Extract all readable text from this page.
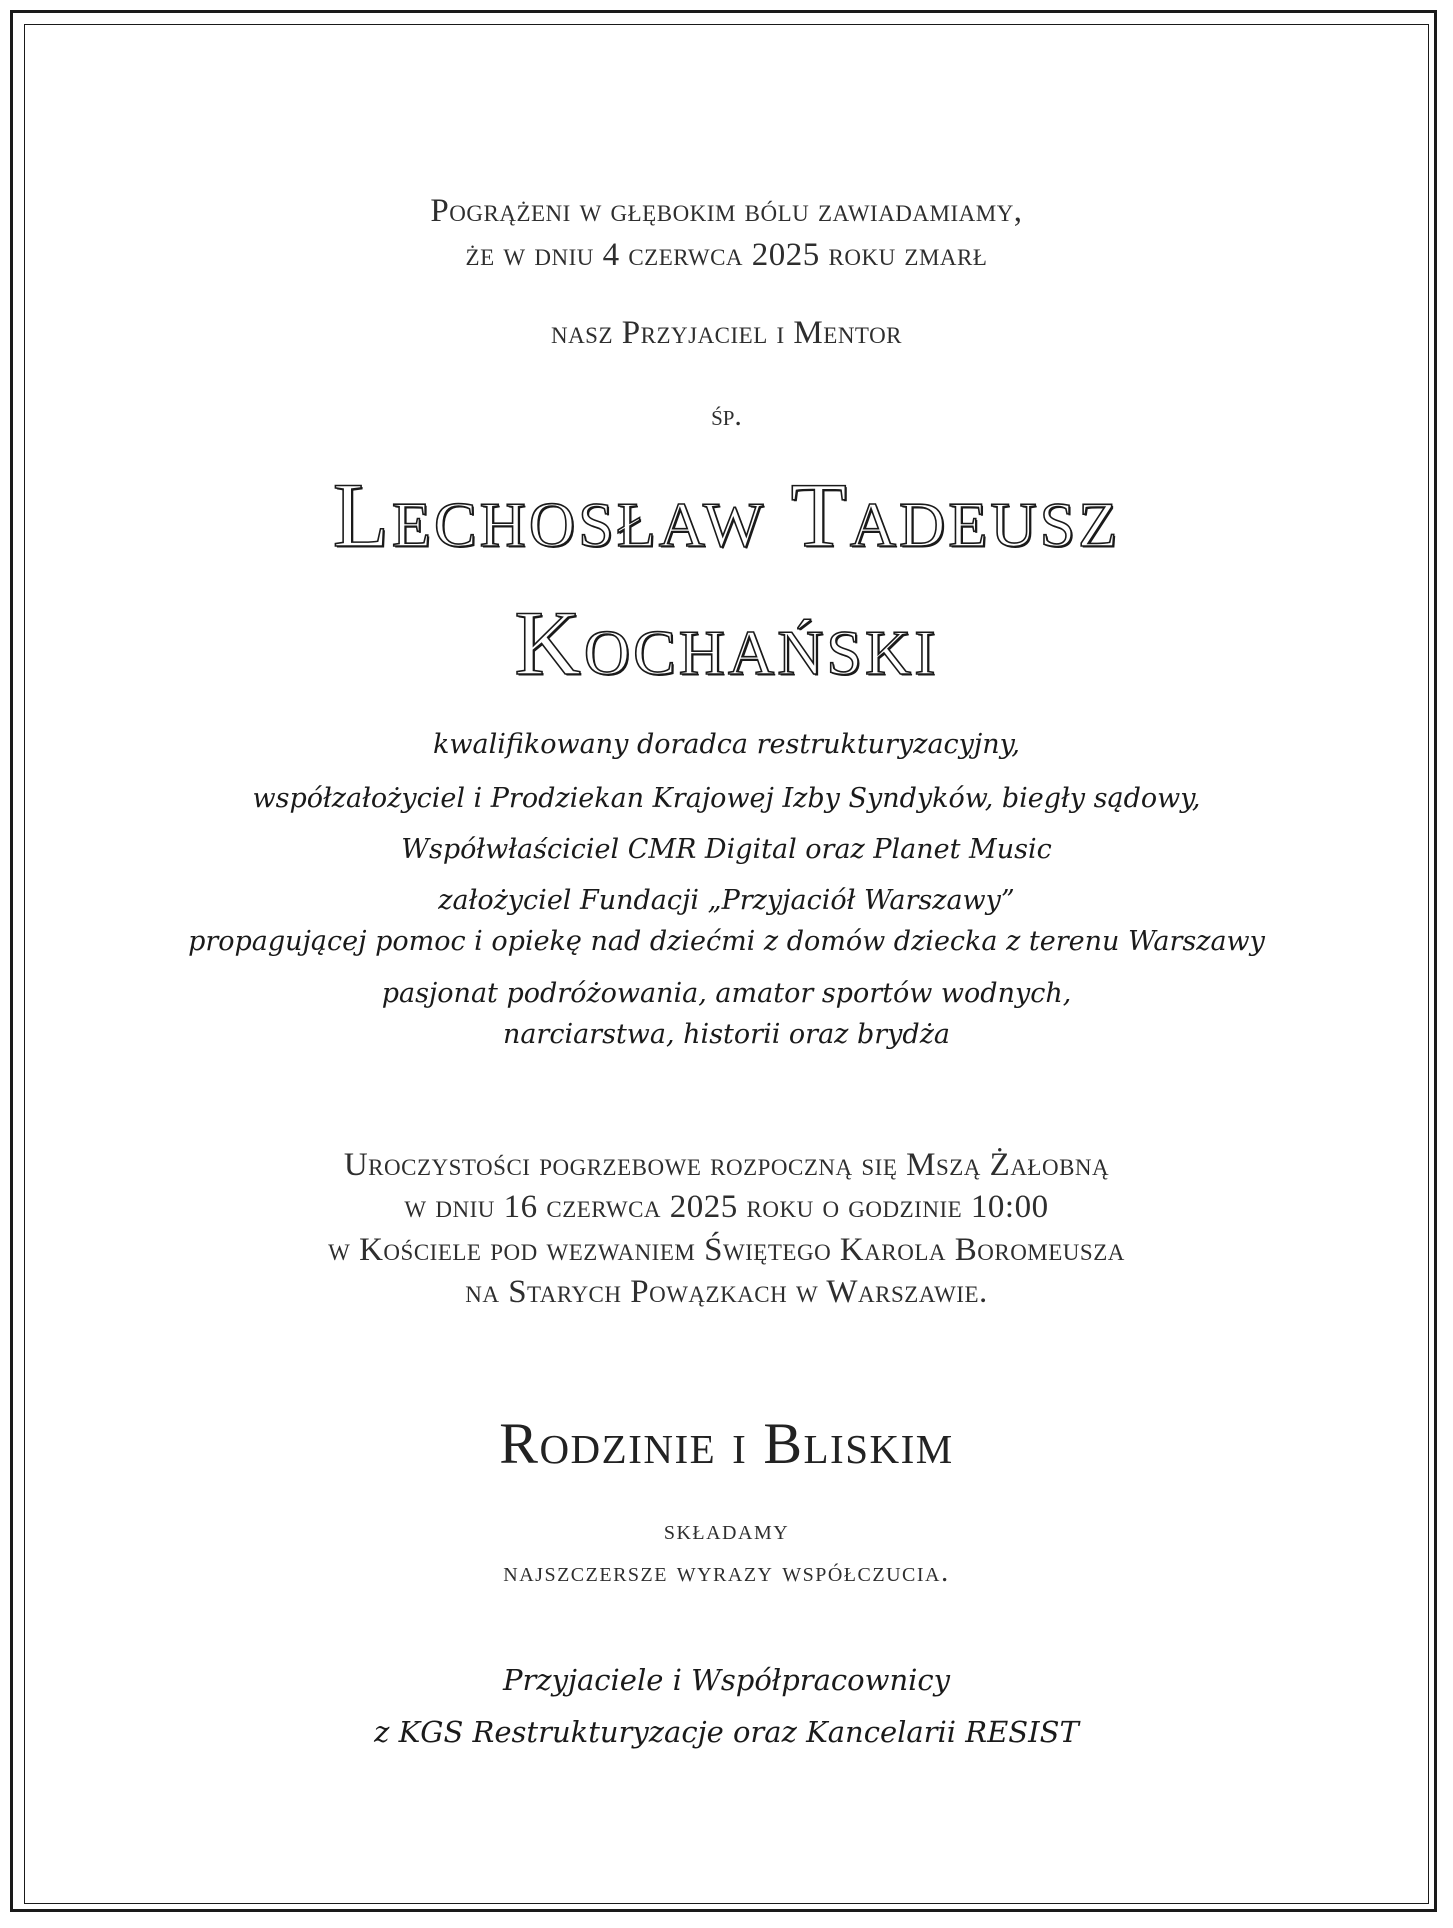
Pogrążeni w głębokim bólu zawiadamiamy,
że w dniu 4 czerwca 2025 roku zmarł
nasz Przyjaciel i Mentor
śp.
Lechosław Tadeusz
Kochański
kwalifikowany doradca restrukturyzacyjny,
współzałożyciel i Prodziekan Krajowej Izby Syndyków, biegły sądowy,
Współwłaściciel CMR Digital oraz Planet Music
założyciel Fundacji „Przyjaciół Warszawy”
propagującej pomoc i opiekę nad dziećmi z domów dziecka z terenu Warszawy
pasjonat podróżowania, amator sportów wodnych,
narciarstwa, historii oraz brydża
Uroczystości pogrzebowe rozpoczną się Mszą Żałobną
w dniu 16 czerwca 2025 roku o godzinie 10:00
w Kościele pod wezwaniem Świętego Karola Boromeusza
na Starych Powązkach w Warszawie.
Rodzinie i Bliskim
składamy
najszczersze wyrazy współczucia.
Przyjaciele i Współpracownicy
z KGS Restrukturyzacje oraz Kancelarii RESIST
